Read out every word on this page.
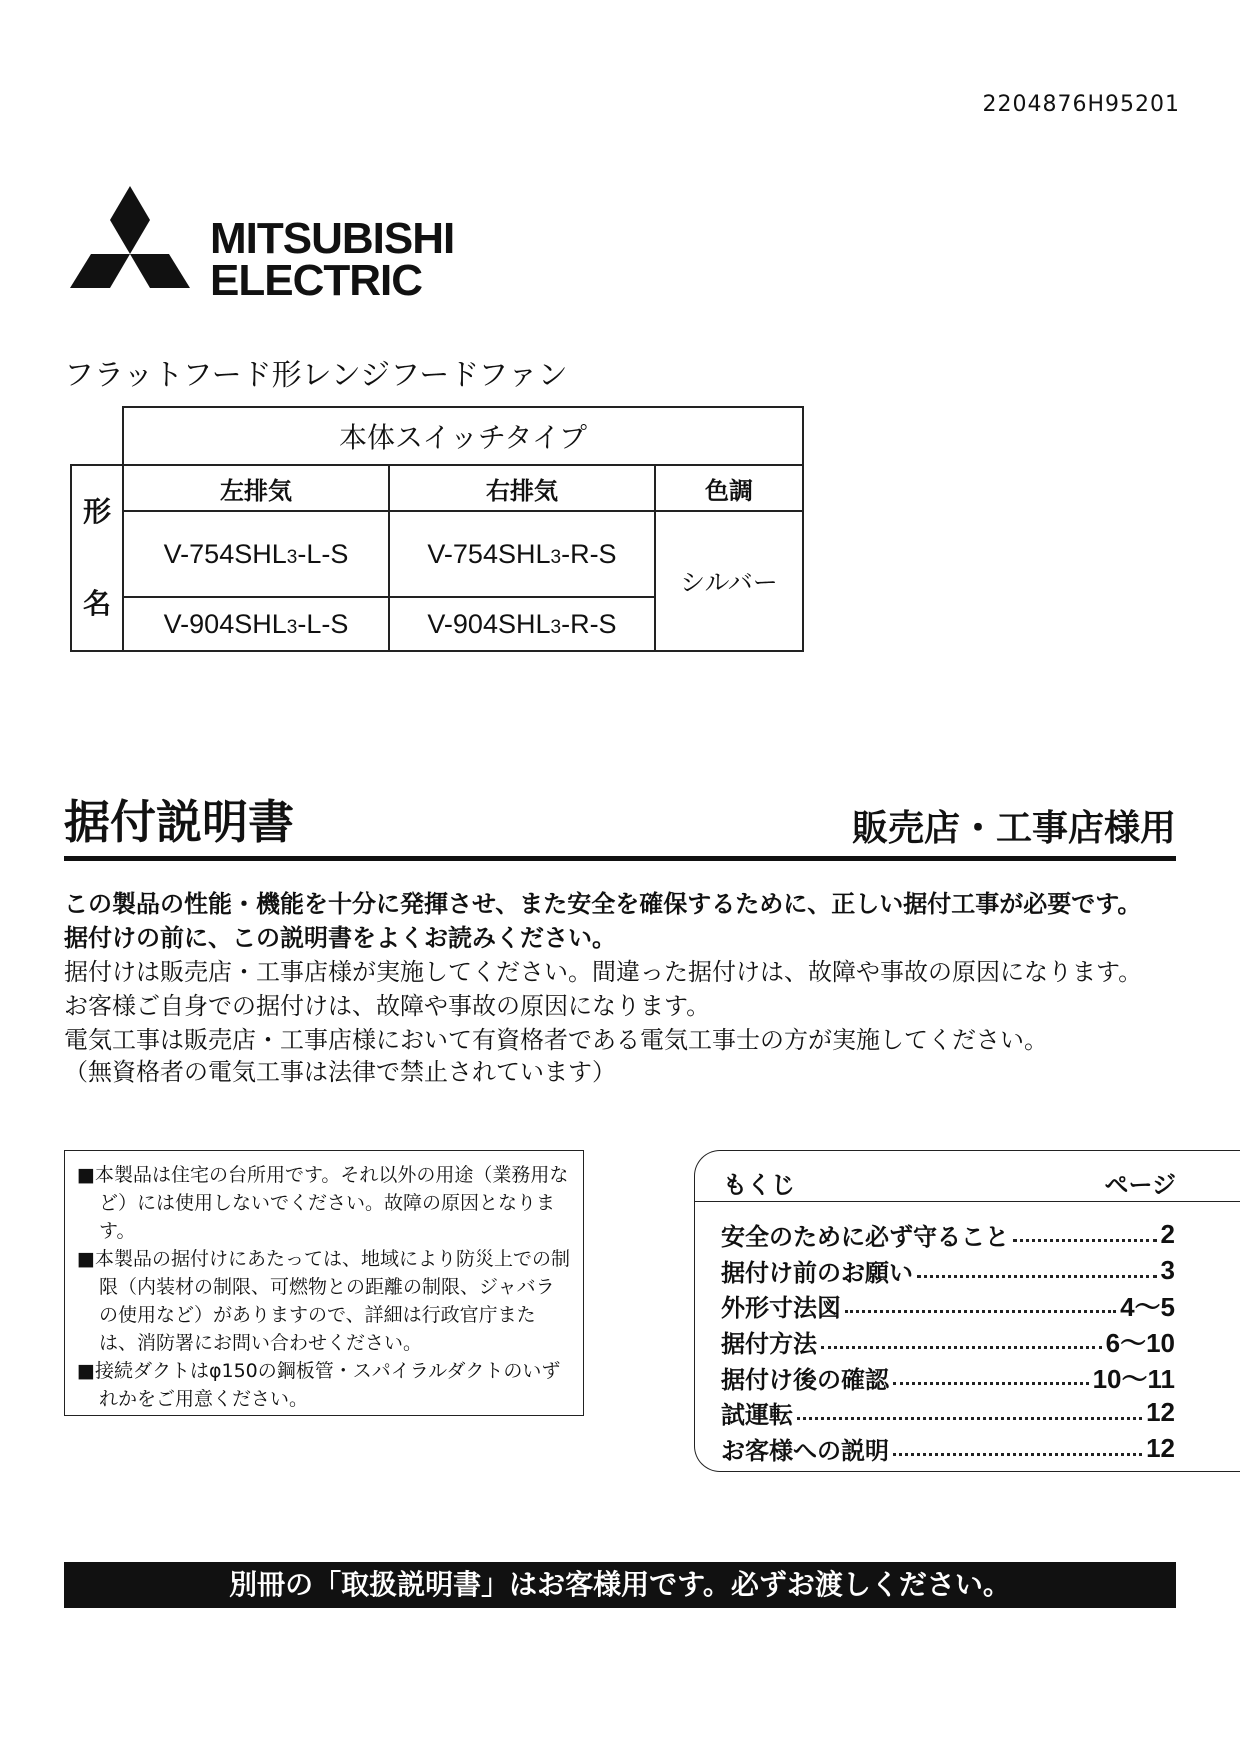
2204876H95201
MITSUBISHI
ELECTRIC
フラットフード形レンジフードファン
	本体スイッチタイプ		

形
名	左排気	右排気	色調
	V-754SHL3-L-S	V-754SHL3-R-S	シルバー
	V-904SHL3-L-S	V-904SHL3-R-S	
据付説明書	販売店・工事店様用
この製品の性能・機能を十分に発揮させ、また安全を確保するために、正しい据付工事が必要です。
据付けの前に、この説明書をよくお読みください。
据付けは販売店・工事店様が実施してください。間違った据付けは、故障や事故の原因になります。
お客様ご自身での据付けは、故障や事故の原因になります。
電気工事は販売店・工事店様において有資格者である電気工事士の方が実施してください。
（無資格者の電気工事は法律で禁止されています）

■本製品は住宅の台所用です。それ以外の用途（業務用など）には使用しないでください。故障の原因となります。

■本製品の据付けにあたっては、地域により防災上での制限（内装材の制限、可燃物との距離の制限、ジャバラの使用など）がありますので、詳細は行政官庁または、消防署にお問い合わせください。

■接続ダクトはφ150の鋼板管・スパイラルダクトのいずれかをご用意ください。

もくじ	ページ
安全のために必ず守ること	2
据付け前のお願い	3
外形寸法図	4〜5
据付方法	6〜10
据付け後の確認	10〜11
試運転	12
お客様への説明	12
別冊の「取扱説明書」はお客様用です。必ずお渡しください。
